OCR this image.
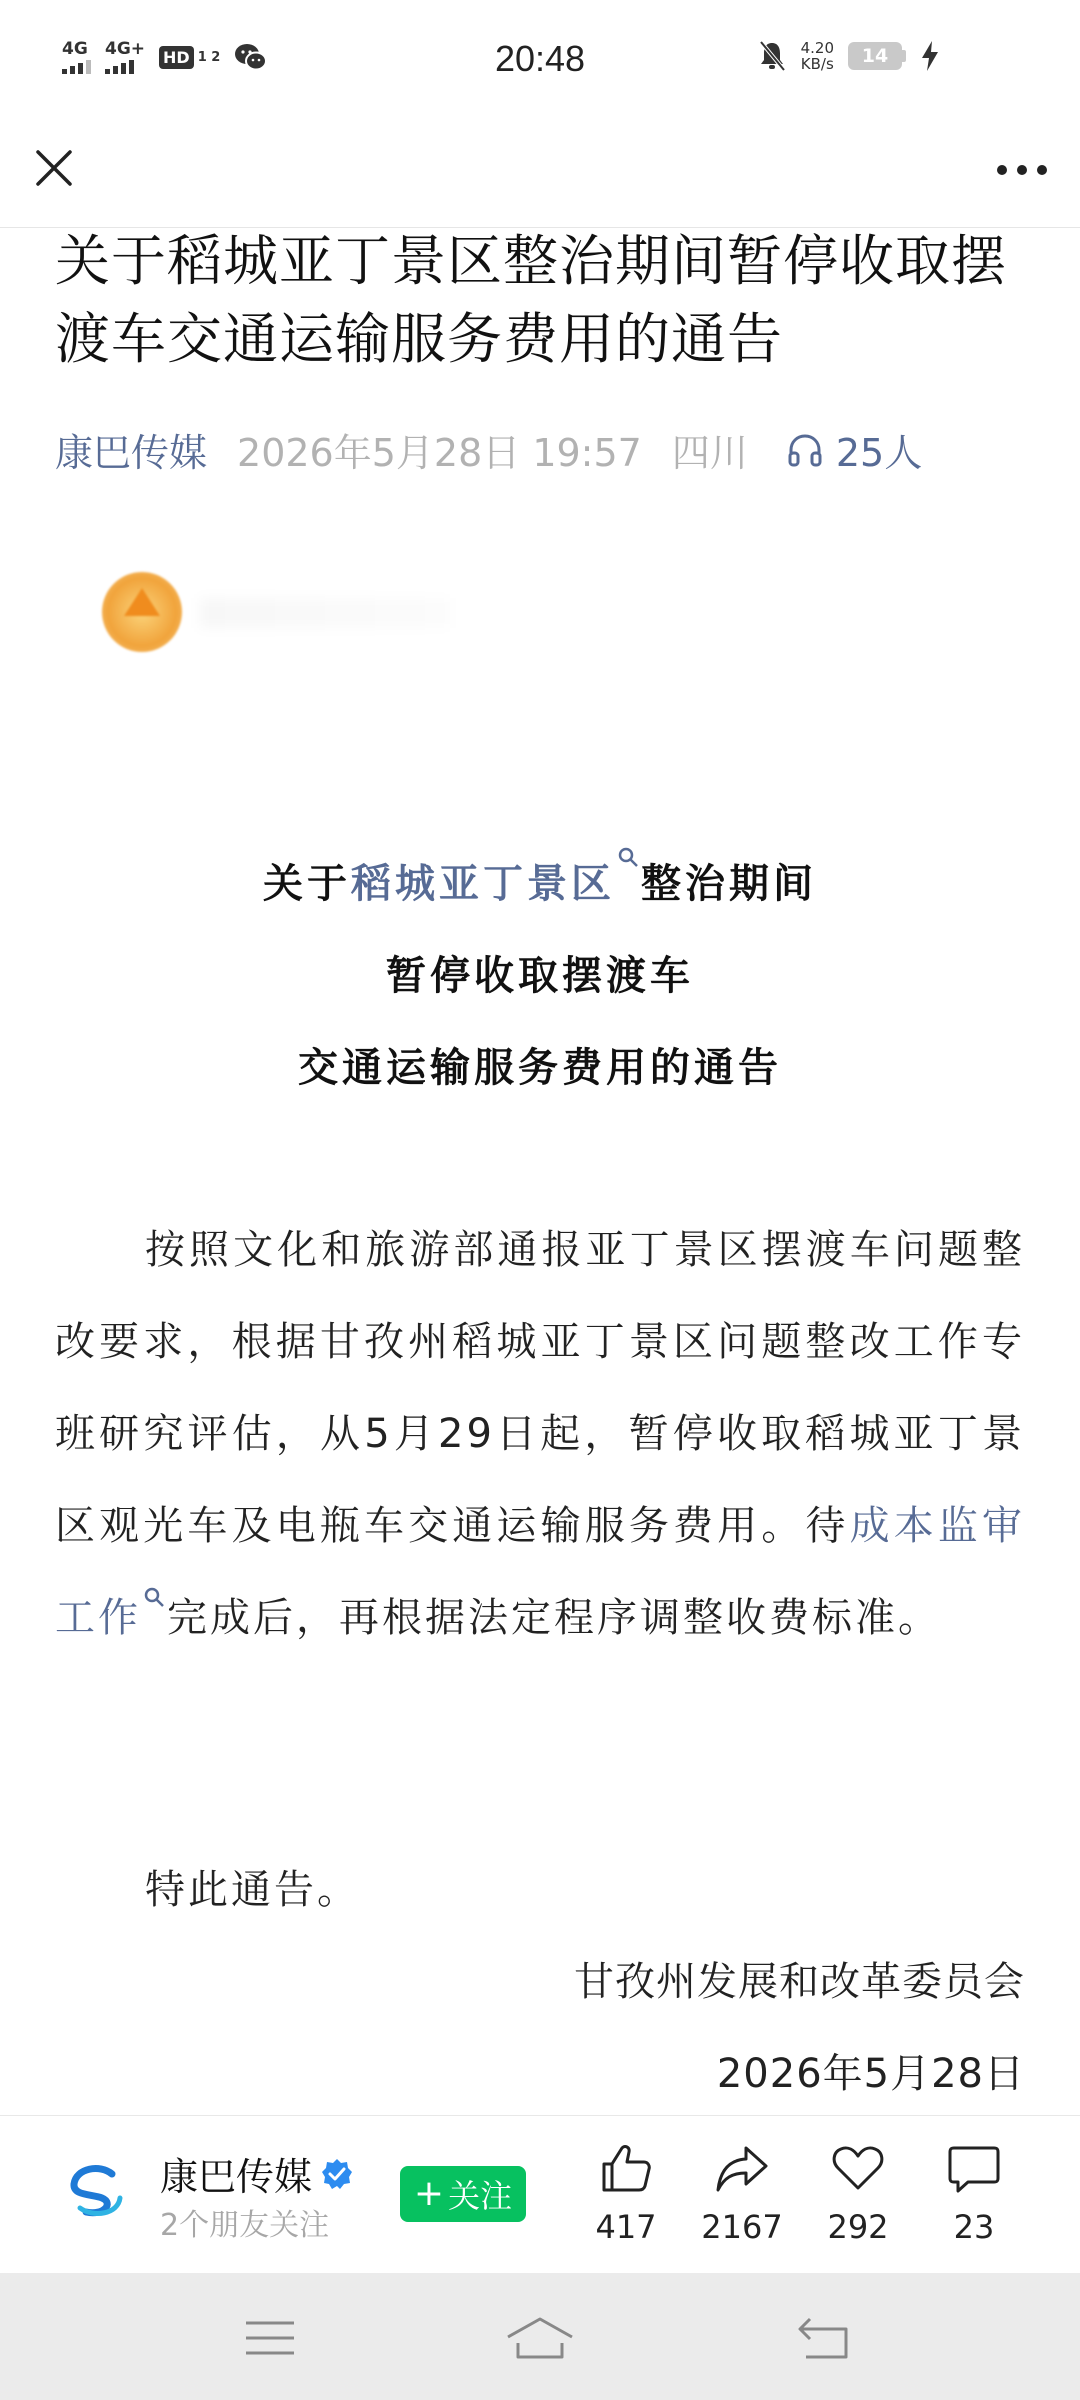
4G 4G+ HD 1 2	20:48	4.20
KB/s	14
关于稻城亚丁景区整治期间暂停收取摆渡车交通运输服务费用的通告
康巴传媒 2026年5月28日 19:57 四川 25人
关于稻城亚丁景区 整治期间
暂停收取摆渡车
交通运输服务费用的通告

按照文化和旅游部通报亚丁景区摆渡车问题整改要求，根据甘孜州稻城亚丁景区问题整改工作专班研究评估，从5月29日起，暂停收取稻城亚丁景区观光车及电瓶车交通运输服务费用。待成本监审工作 完成后，再根据法定程序调整收费标准。

特此通告。
甘孜州发展和改革委员会
2026年5月28日
康巴传媒
2个朋友关注
+ 关注
417 2167 292 23
